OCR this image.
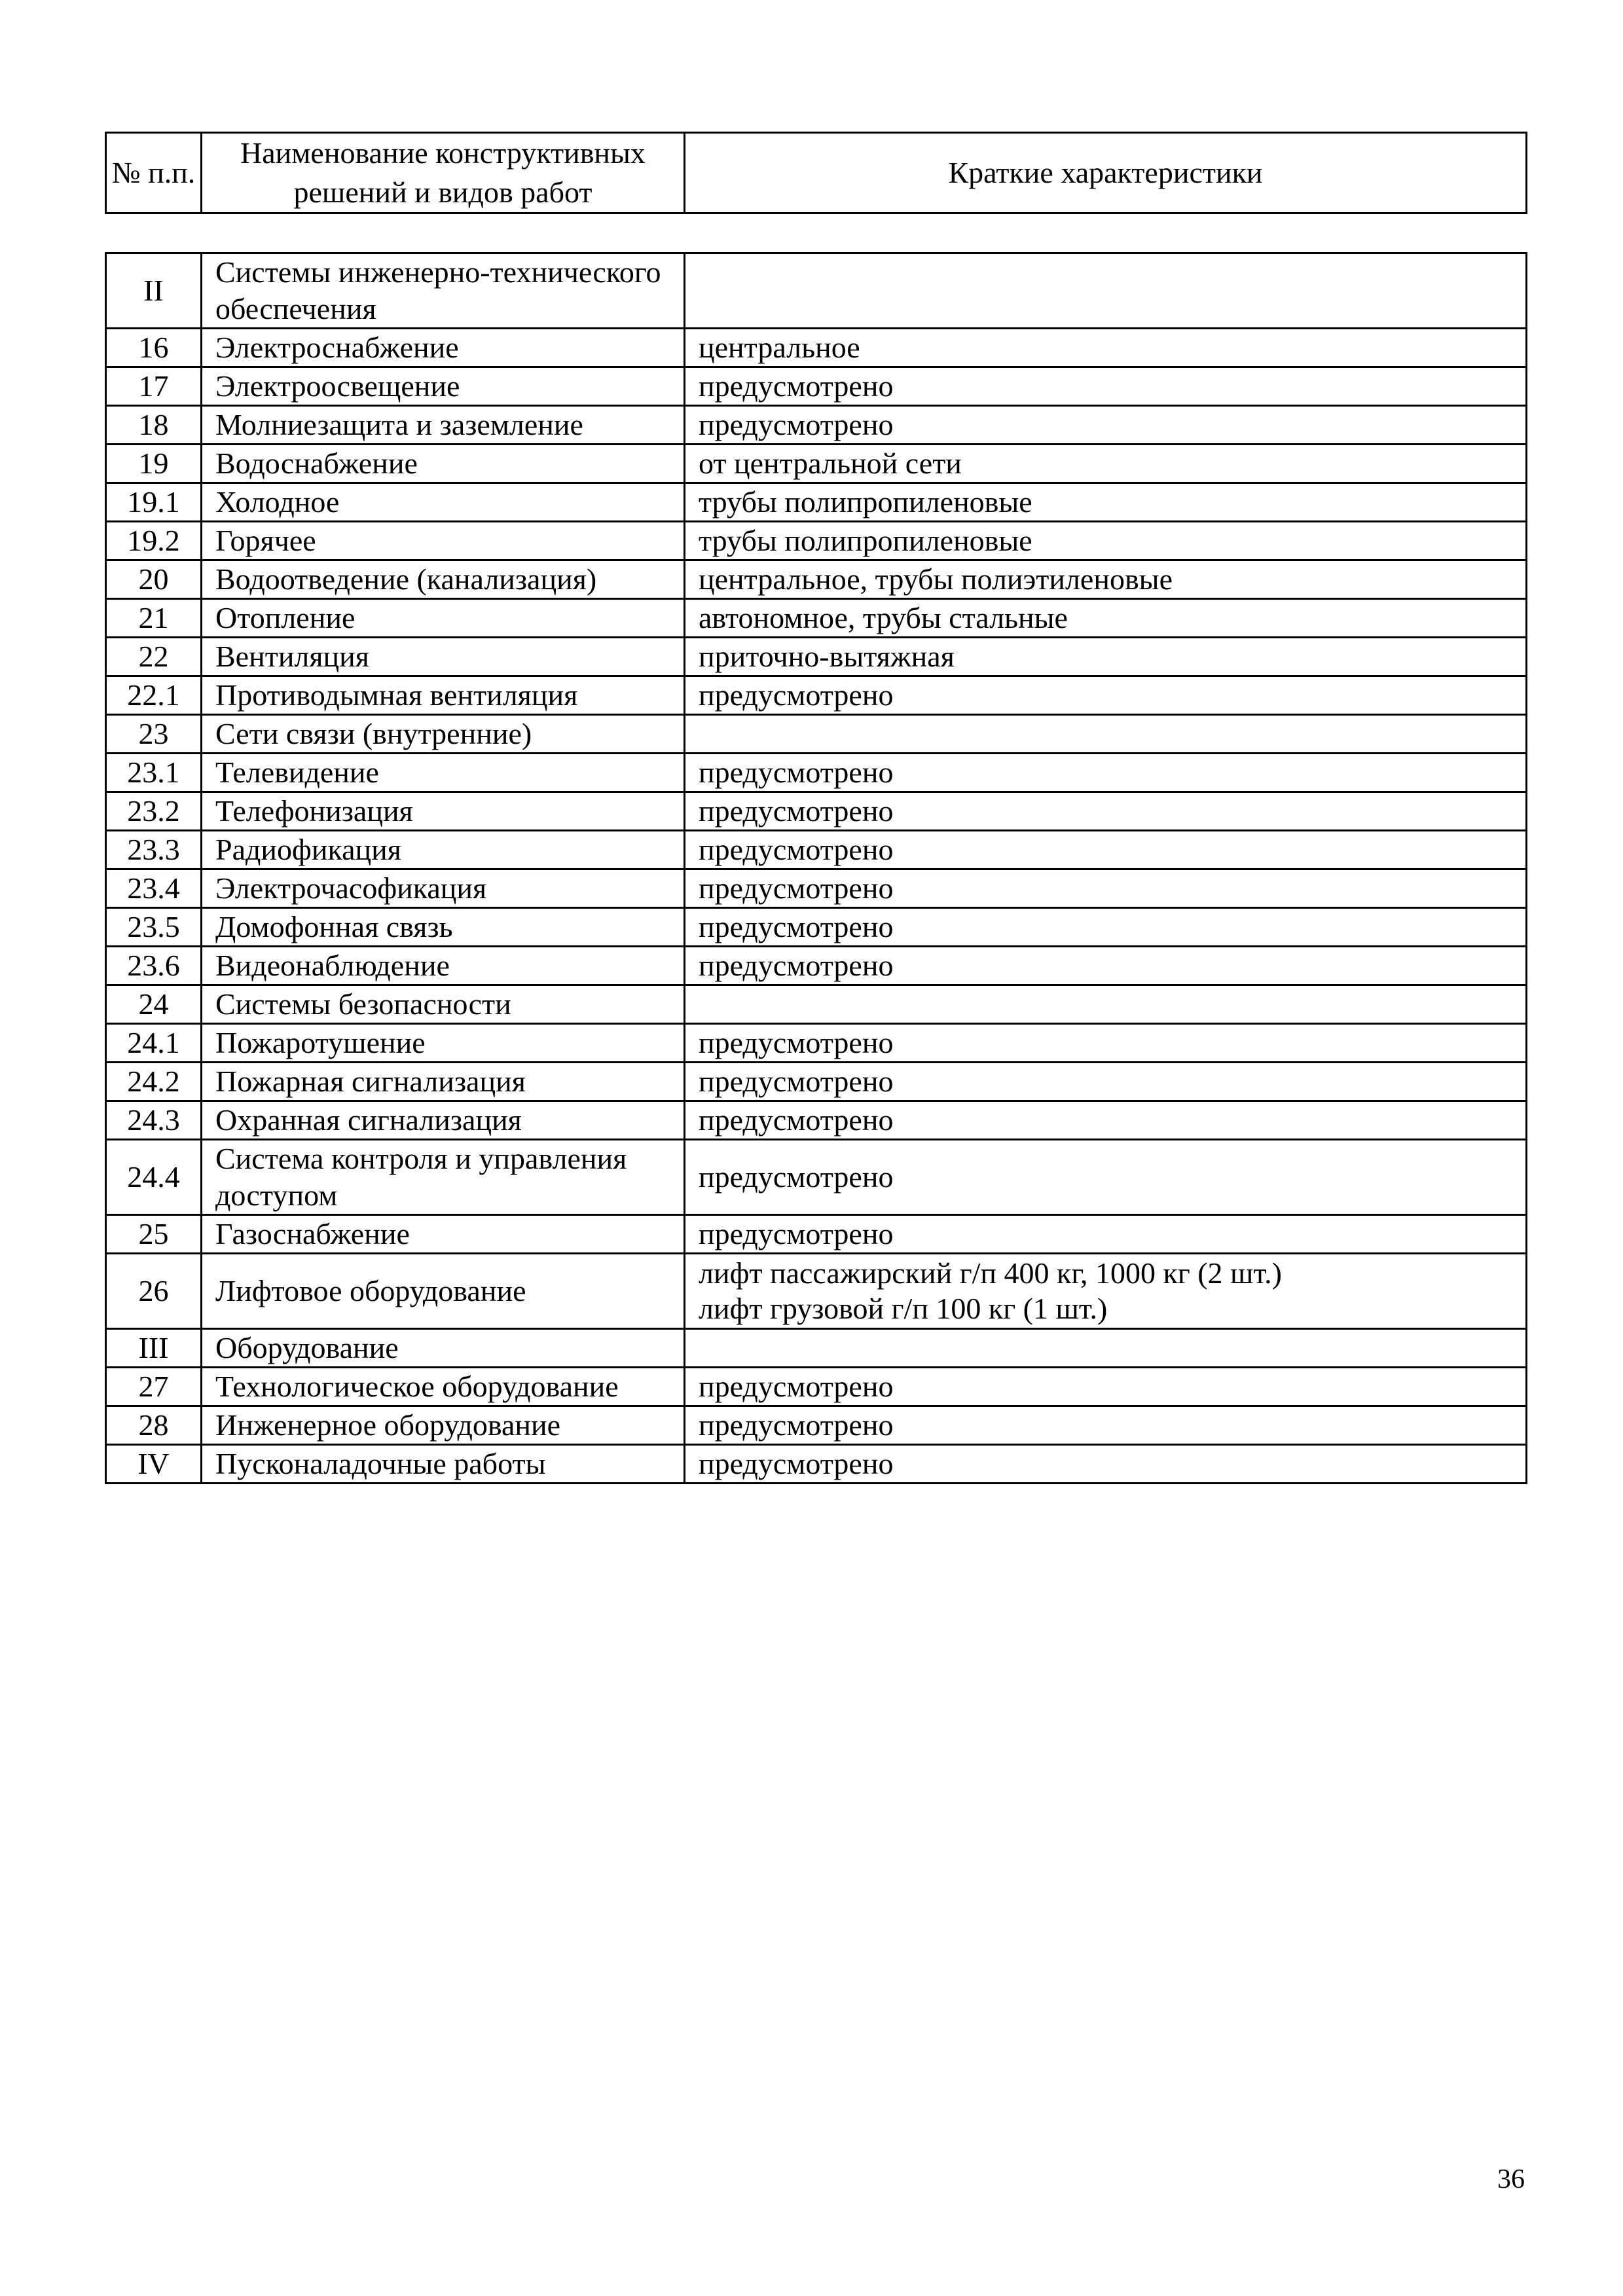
№ п.п.	Наименование конструктивных решений и видов работ	Краткие характеристики
II	Системы инженерно-технического обеспечения	
16	Электроснабжение	центральное
17	Электроосвещение	предусмотрено
18	Молниезащита и заземление	предусмотрено
19	Водоснабжение	от центральной сети
19.1	Холодное	трубы полипропиленовые
19.2	Горячее	трубы полипропиленовые
20	Водоотведение (канализация)	центральное, трубы полиэтиленовые
21	Отопление	автономное, трубы стальные
22	Вентиляция	приточно-вытяжная
22.1	Противодымная вентиляция	предусмотрено
23	Сети связи (внутренние)	
23.1	Телевидение	предусмотрено
23.2	Телефонизация	предусмотрено
23.3	Радиофикация	предусмотрено
23.4	Электрочасофикация	предусмотрено
23.5	Домофонная связь	предусмотрено
23.6	Видеонаблюдение	предусмотрено
24	Системы безопасности	
24.1	Пожаротушение	предусмотрено
24.2	Пожарная сигнализация	предусмотрено
24.3	Охранная сигнализация	предусмотрено
24.4	Система контроля и управления доступом	предусмотрено
25	Газоснабжение	предусмотрено
26	Лифтовое оборудование	лифт пассажирский г/п 400 кг, 1000 кг (2 шт.)
лифт грузовой г/п 100 кг (1 шт.)

III	Оборудование	
27	Технологическое оборудование	предусмотрено
28	Инженерное оборудование	предусмотрено
IV	Пусконаладочные работы	предусмотрено
36
